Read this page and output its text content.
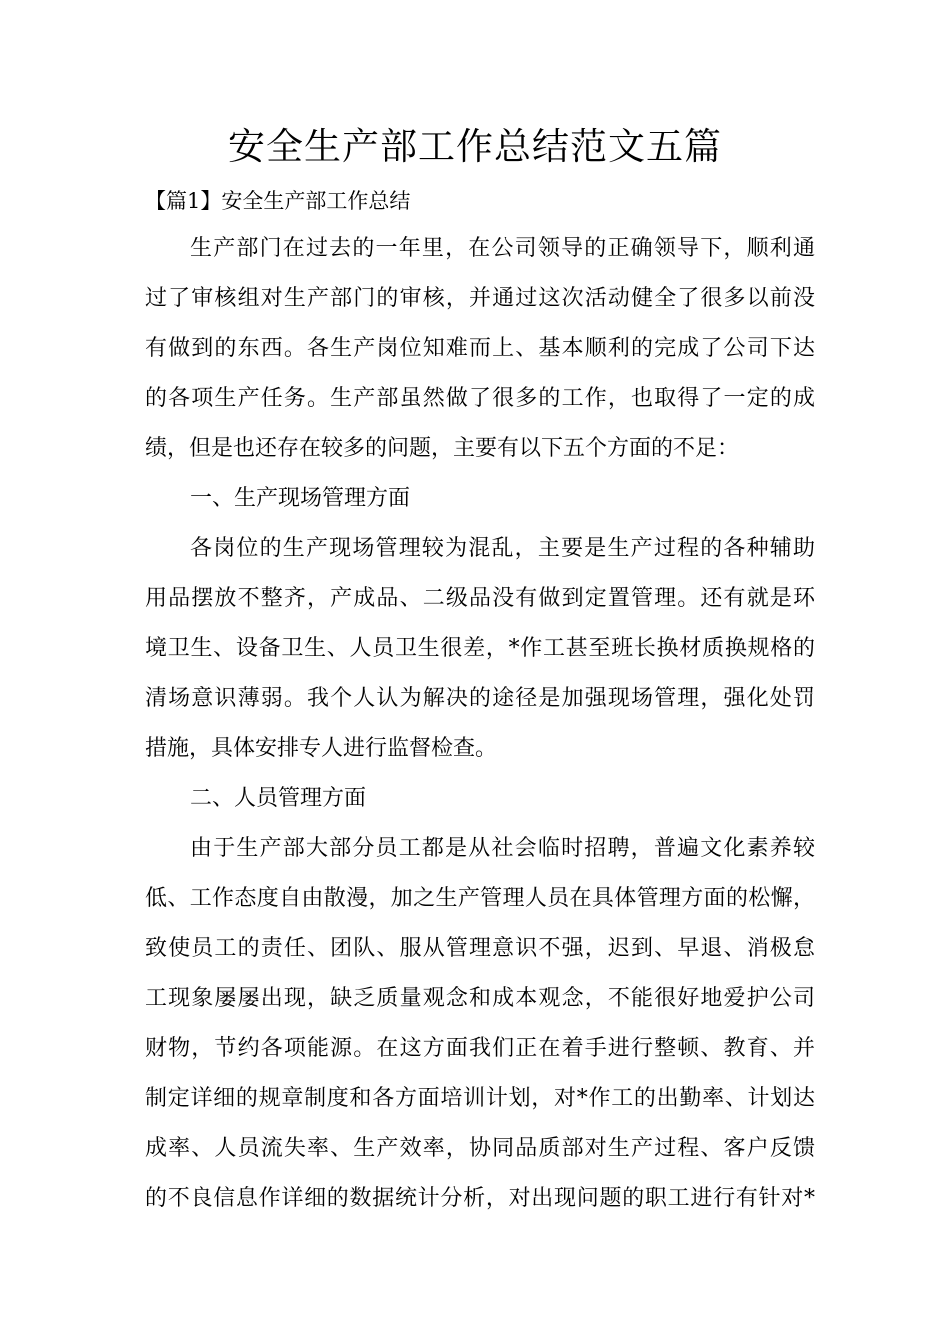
安全生产部工作总结范文五篇
【篇1】安全生产部工作总结
生产部门在过去的一年里，在公司领导的正确领导下，顺利通
过了审核组对生产部门的审核，并通过这次活动健全了很多以前没
有做到的东西。各生产岗位知难而上、基本顺利的完成了公司下达
的各项生产任务。生产部虽然做了很多的工作，也取得了一定的成
绩，但是也还存在较多的问题，主要有以下五个方面的不足：
一、生产现场管理方面
各岗位的生产现场管理较为混乱，主要是生产过程的各种辅助
用品摆放不整齐，产成品、二级品没有做到定置管理。还有就是环
境卫生、设备卫生、人员卫生很差，*作工甚至班长换材质换规格的
清场意识薄弱。我个人认为解决的途径是加强现场管理，强化处罚
措施，具体安排专人进行监督检查。
二、人员管理方面
由于生产部大部分员工都是从社会临时招聘，普遍文化素养较
低、工作态度自由散漫，加之生产管理人员在具体管理方面的松懈，
致使员工的责任、团队、服从管理意识不强，迟到、早退、消极怠
工现象屡屡出现，缺乏质量观念和成本观念，不能很好地爱护公司
财物，节约各项能源。在这方面我们正在着手进行整顿、教育、并
制定详细的规章制度和各方面培训计划，对*作工的出勤率、计划达
成率、人员流失率、生产效率，协同品质部对生产过程、客户反馈
的不良信息作详细的数据统计分析，对出现问题的职工进行有针对*
